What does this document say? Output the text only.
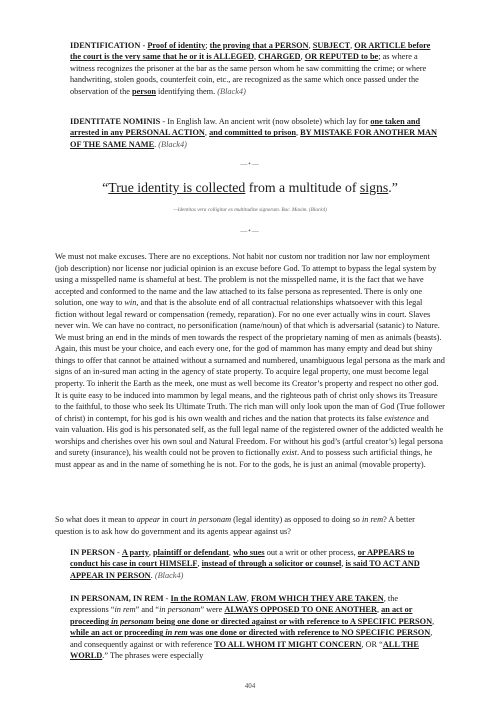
IDENTIFICATION - Proof of identity; the proving that a PERSON, SUBJECT, OR ARTICLE before the court is the very same that he or it is ALLEGED, CHARGED, OR REPUTED to be; as where a witness recognizes the prisoner at the bar as the same person whom he saw committing the crime; or where handwriting, stolen goods, counterfeit coin, etc., are recognized as the same which once passed under the observation of the person identifying them. (Black4)
IDENTITATE NOMINIS - In English law. An ancient writ (now obsolete) which lay for one taken and arrested in any PERSONAL ACTION, and committed to prison, BY MISTAKE FOR ANOTHER MAN OF THE SAME NAME. (Black4)
—•—
“True identity is collected from a multitude of signs.”
—Identitas vera colligitur ex multitudine signorum. Bac. Maxim. (Black4)
—•—
We must not make excuses. There are no exceptions. Not habit nor custom nor tradition nor law nor employment (job description) nor license nor judicial opinion is an excuse before God. To attempt to bypass the legal system by using a misspelled name is shameful at best. The problem is not the misspelled name, it is the fact that we have accepted and conformed to the name and the law attached to its false persona as represented. There is only one solution, one way to win, and that is the absolute end of all contractual relationships whatsoever with this legal fiction without legal reward or compensation (remedy, reparation). For no one ever actually wins in court. Slaves never win. We can have no contract, no personification (name/noun) of that which is adversarial (satanic) to Nature. We must bring an end in the minds of men towards the respect of the proprietary naming of men as animals (beasts). Again, this must be your choice, and each every one, for the god of mammon has many empty and dead but shiny things to offer that cannot be attained without a surnamed and numbered, unambiguous legal persona as the mark and signs of an in-sured man acting in the agency of state property. To acquire legal property, one must become legal property. To inherit the Earth as the meek, one must as well become its Creator’s property and respect no other god. It is quite easy to be induced into mammon by legal means, and the righteous path of christ only shows its Treasure to the faithful, to those who seek Its Ultimate Truth. The rich man will only look upon the man of God (True follower of christ) in contempt, for his god is his own wealth and riches and the nation that protects its false existence and vain valuation. His god is his personated self, as the full legal name of the registered owner of the addicted wealth he worships and cherishes over his own soul and Natural Freedom. For without his god’s (artful creator’s) legal persona and surety (insurance), his wealth could not be proven to fictionally exist. And to possess such artificial things, he must appear as and in the name of something he is not. For to the gods, he is just an animal (movable property).
So what does it mean to appear in court in personam (legal identity) as opposed to doing so in rem? A better question is to ask how do government and its agents appear against us?
IN PERSON - A party, plaintiff or defendant, who sues out a writ or other process, or APPEARS to conduct his case in court HIMSELF, instead of through a solicitor or counsel, is said TO ACT AND APPEAR IN PERSON. (Black4)
IN PERSONAM, IN REM - In the ROMAN LAW, FROM WHICH THEY ARE TAKEN, the expressions “in rem” and “in personam” were ALWAYS OPPOSED TO ONE ANOTHER, an act or proceeding in personam being one done or directed against or with reference to A SPECIFIC PERSON, while an act or proceeding in rem was one done or directed with reference to NO SPECIFIC PERSON, and consequently against or with reference TO ALL WHOM IT MIGHT CONCERN, OR “ALL THE WORLD.” The phrases were especially
404
